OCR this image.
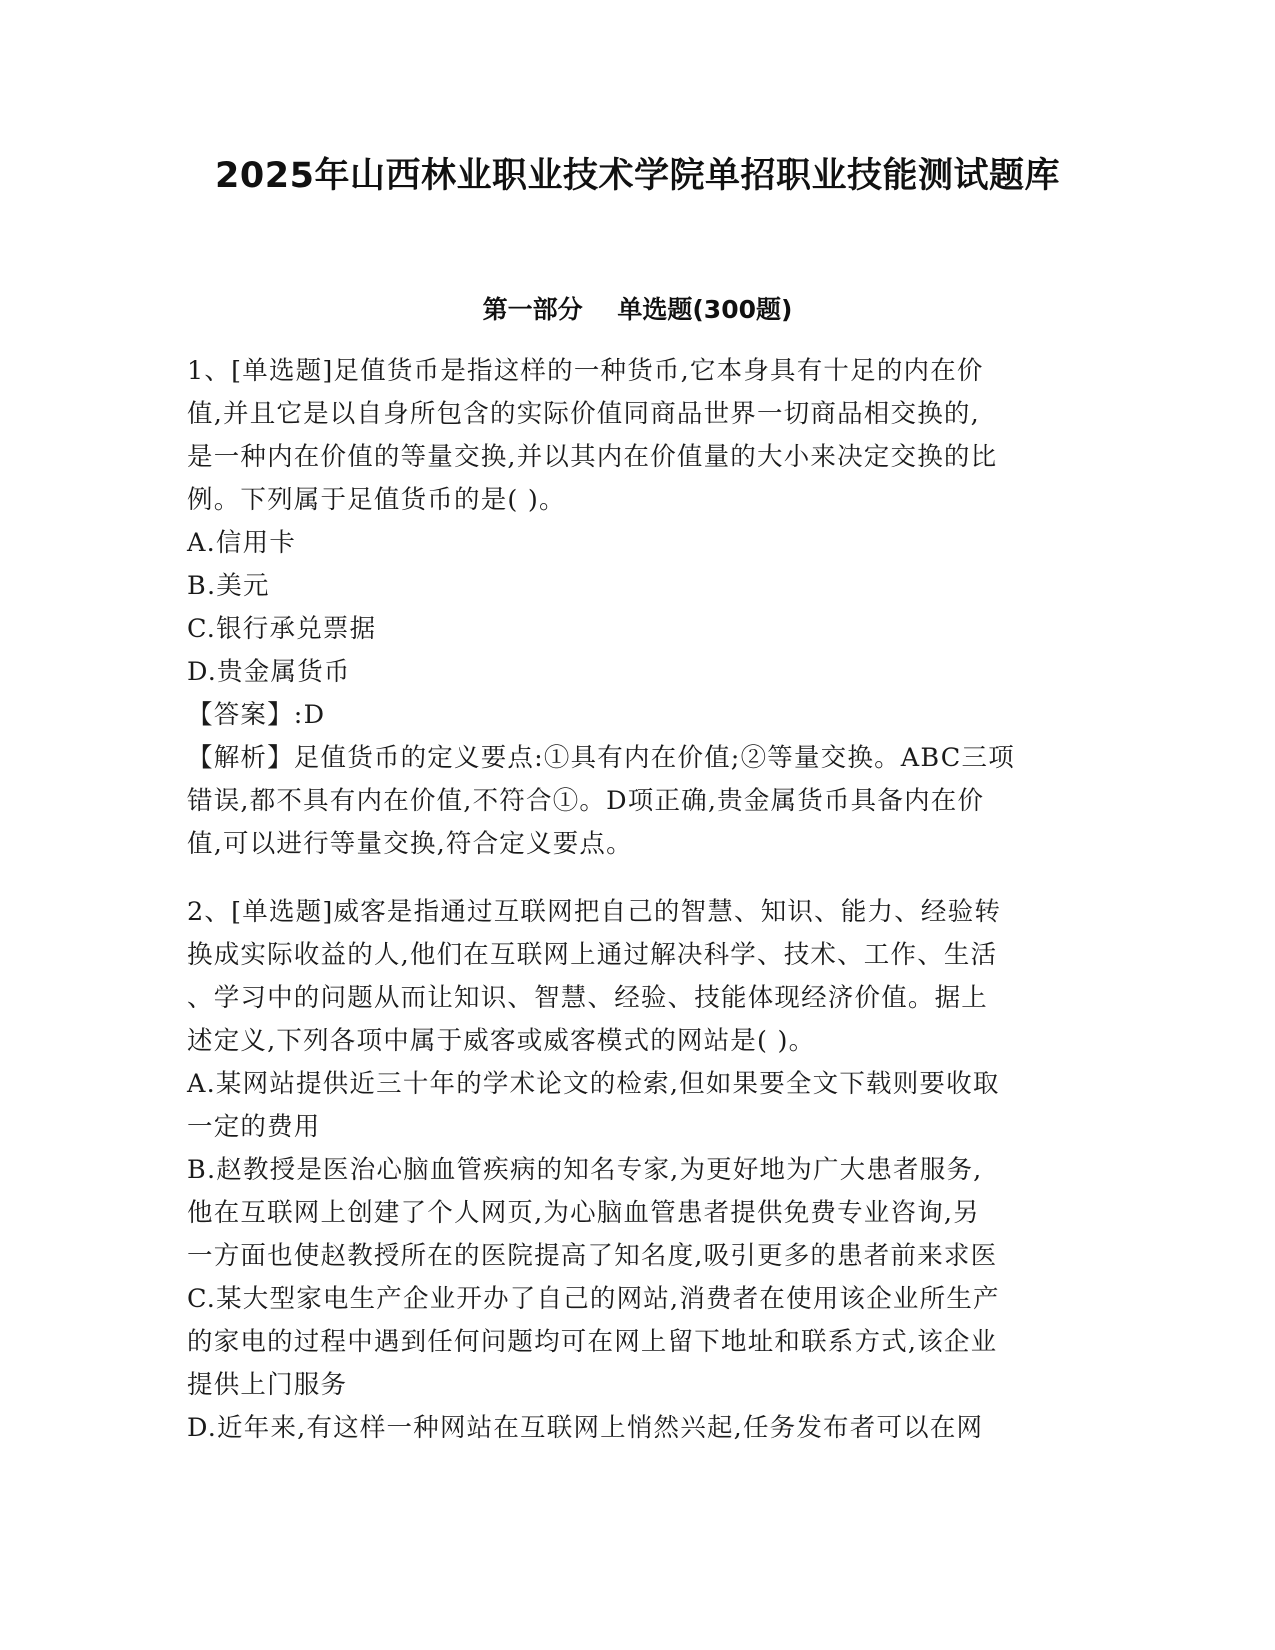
2025年山西林业职业技术学院单招职业技能测试题库
第一部分    单选题(300题)
1、[单选题]足值货币是指这样的一种货币,它本身具有十足的内在价
值,并且它是以自身所包含的实际价值同商品世界一切商品相交换的,
是一种内在价值的等量交换,并以其内在价值量的大小来决定交换的比
例。下列属于足值货币的是( )。
A.信用卡
B.美元
C.银行承兑票据
D.贵金属货币
【答案】:D
【解析】足值货币的定义要点:①具有内在价值;②等量交换。ABC三项
错误,都不具有内在价值,不符合①。D项正确,贵金属货币具备内在价
值,可以进行等量交换,符合定义要点。
2、[单选题]威客是指通过互联网把自己的智慧、知识、能力、经验转
换成实际收益的人,他们在互联网上通过解决科学、技术、工作、生活
、学习中的问题从而让知识、智慧、经验、技能体现经济价值。据上
述定义,下列各项中属于威客或威客模式的网站是( )。
A.某网站提供近三十年的学术论文的检索,但如果要全文下载则要收取
一定的费用
B.赵教授是医治心脑血管疾病的知名专家,为更好地为广大患者服务,
他在互联网上创建了个人网页,为心脑血管患者提供免费专业咨询,另
一方面也使赵教授所在的医院提高了知名度,吸引更多的患者前来求医
C.某大型家电生产企业开办了自己的网站,消费者在使用该企业所生产
的家电的过程中遇到任何问题均可在网上留下地址和联系方式,该企业
提供上门服务
D.近年来,有这样一种网站在互联网上悄然兴起,任务发布者可以在网
